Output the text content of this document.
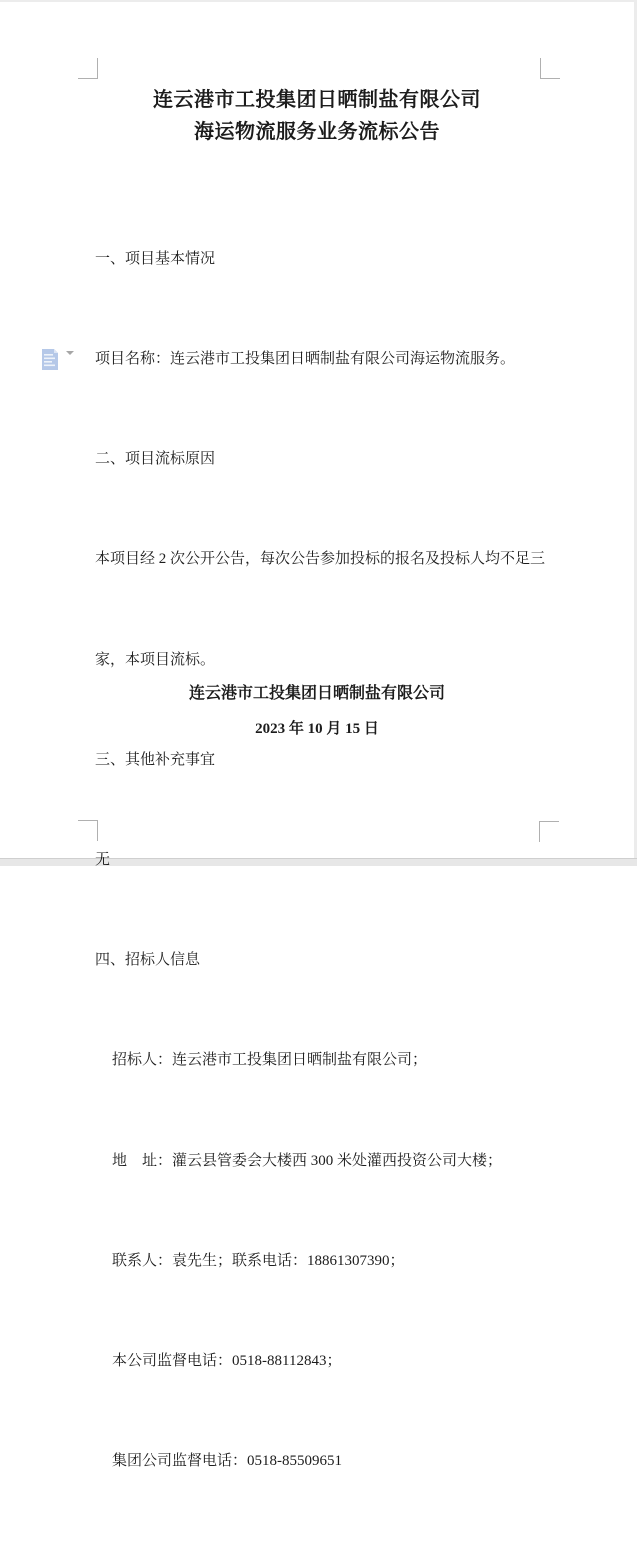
连云港市工投集团日晒制盐有限公司
海运物流服务业务流标公告

一、项目基本情况

项目名称：连云港市工投集团日晒制盐有限公司海运物流服务。

二、项目流标原因

本项目经 2 次公开公告，每次公告参加投标的报名及投标人均不足三

家，本项目流标。

三、其他补充事宜

无

四、招标人信息

招标人：连云港市工投集团日晒制盐有限公司；

地　址：灌云县管委会大楼西 300 米处灌西投资公司大楼；

联系人：袁先生；联系电话：18861307390；

本公司监督电话：0518-88112843；

集团公司监督电话：0518-85509651

连云港市工投集团日晒制盐有限公司
2023 年 10 月 15 日
